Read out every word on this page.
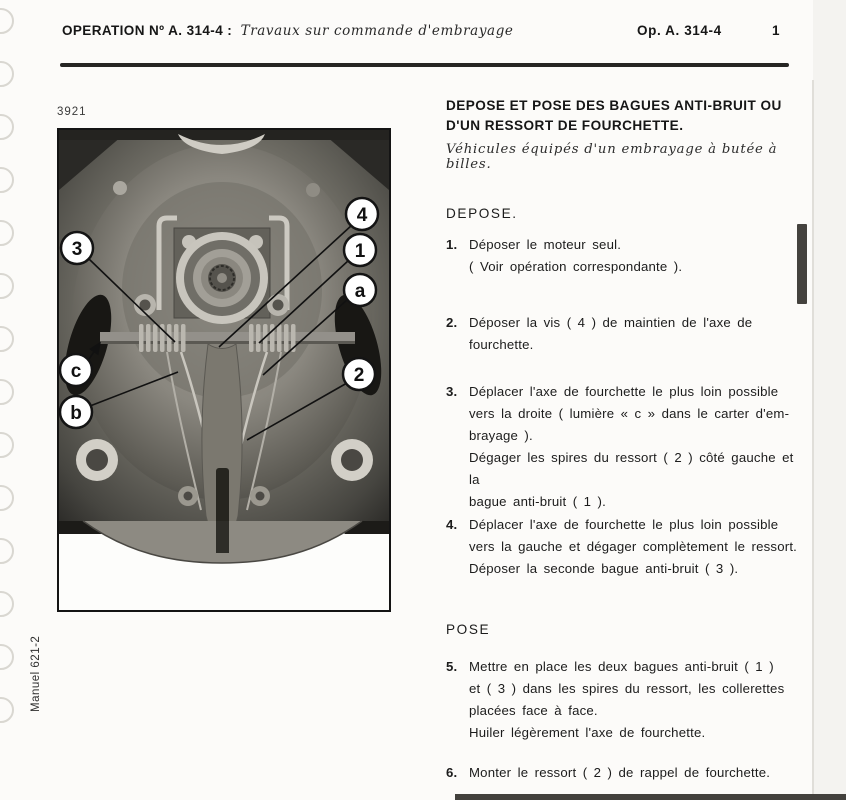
OPERATION Nº A. 314-4 : Travaux sur commande d'embrayage	Op. A. 314-4	1
3921
3
c
b
4
1
a
2
Manuel 621-2
DEPOSE ET POSE DES BAGUES ANTI-BRUIT OU
D'UN RESSORT DE FOURCHETTE.
Véhicules équipés d'un embrayage à butée à billes.
DEPOSE.
1. Déposer le moteur seul.
( Voir opération correspondante ).
2. Déposer la vis ( 4 ) de maintien de l'axe de
fourchette.
3. Déplacer l'axe de fourchette le plus loin possible
vers la droite ( lumière « c » dans le carter d'em-
brayage ).
Dégager les spires du ressort ( 2 ) côté gauche et la
bague anti-bruit ( 1 ).
4. Déplacer l'axe de fourchette le plus loin possible
vers la gauche et dégager complètement le ressort.
Déposer la seconde bague anti-bruit ( 3 ).
POSE
5. Mettre en place les deux bagues anti-bruit ( 1 )
et ( 3 ) dans les spires du ressort, les collerettes
placées face à face.
Huiler légèrement l'axe de fourchette.
6. Monter le ressort ( 2 ) de rappel de fourchette.
